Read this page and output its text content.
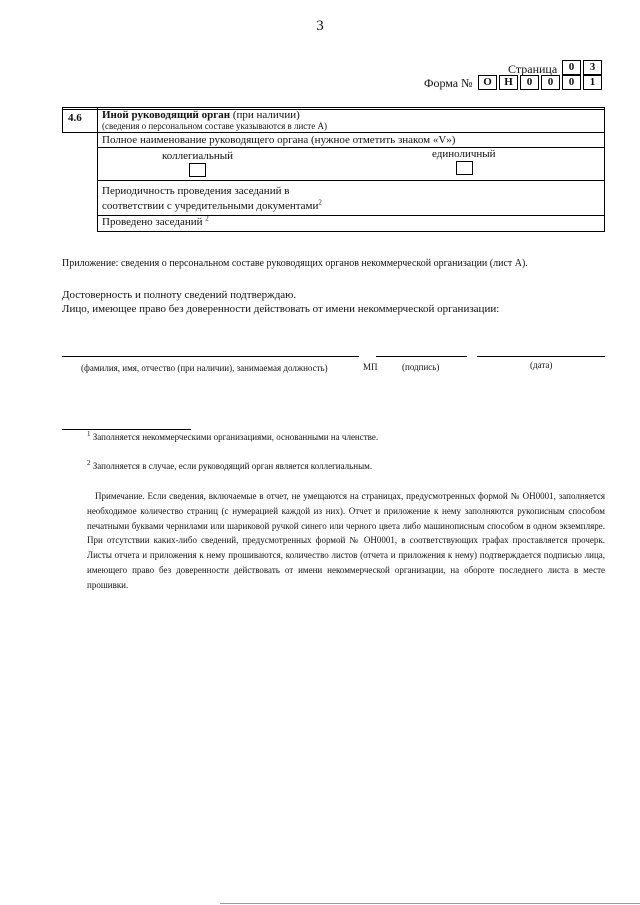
3
Страница	0	3
Форма № О	Н	0	0	0	1
4.6 Иной руководящий орган (при наличии)
(сведения о персональном составе указываются в листе А)
Полное наименование руководящего органа (нужное отметить знаком «V»)
коллегиальный	единоличный
Периодичность проведения заседаний в
соответствии с учредительными документами$^2$
Проведено заседаний $^2$
Приложение: сведения о персональном составе руководящих органов некоммерческой организации (лист А).
Достоверность и полноту сведений подтверждаю.
Лицо, имеющее право без доверенности действовать от имени некоммерческой организации:
(фамилия, имя, отчество (при наличии), занимаемая должность)	МП	(подпись)	(дата)
$^1$ Заполняется некоммерческими организациями, основанными на членстве.
$^2$ Заполняется в случае, если руководящий орган является коллегиальным.
Примечание. Если сведения, включаемые в отчет, не умещаются на страницах, предусмотренных формой № ОН0001, заполняется необходимое количество страниц (с нумерацией каждой из них). Отчет и приложение к нему заполняются рукописным способом печатными буквами чернилами или шариковой ручкой синего или черного цвета либо машинописным способом в одном экземпляре. При отсутствии каких-либо сведений, предусмотренных формой № ОН0001, в соответствующих графах проставляется прочерк. Листы отчета и приложения к нему прошиваются, количество листов (отчета и приложения к нему) подтверждается подписью лица, имеющего право без доверенности действовать от имени некоммерческой организации, на обороте последнего листа в месте прошивки.
